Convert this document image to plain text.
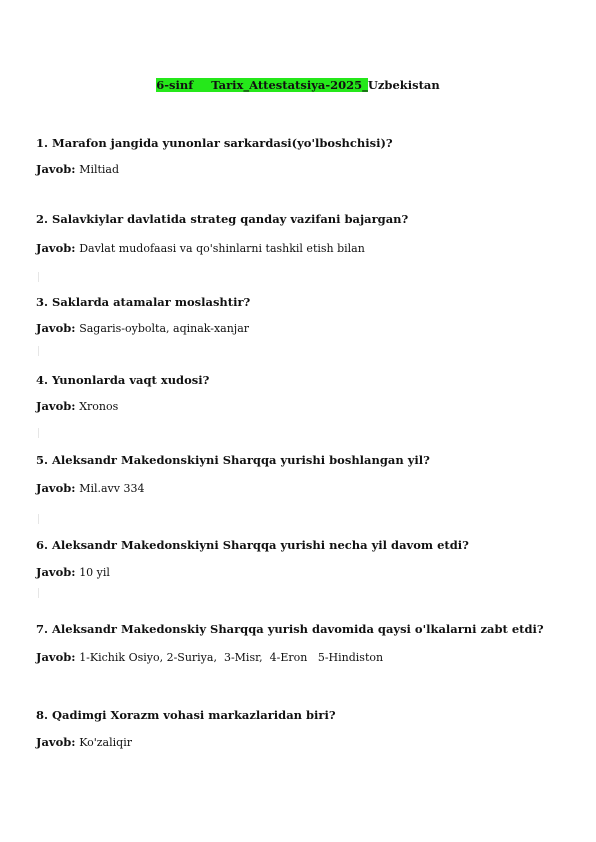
6-sinf Tarix_Attestatsiya-2025_Uzbekistan
1. Marafon jangida yunonlar sarkardasi(yo'lboshchisi)?
Javob: Miltiad
2. Salavkiylar davlatida strateg qanday vazifani bajargan?
Javob: Davlat mudofaasi va qo'shinlarni tashkil etish bilan
3. Saklarda atamalar moslashtir?
Javob: Sagaris-oybolta, aqinak-xanjar
4. Yunonlarda vaqt xudosi?
Javob: Xronos
5. Aleksandr Makedonskiyni Sharqqa yurishi boshlangan yil?
Javob: Mil.avv 334
6. Aleksandr Makedonskiyni Sharqqa yurishi necha yil davom etdi?
Javob: 10 yil
7. Aleksandr Makedonskiy Sharqqa yurish davomida qaysi o'lkalarni zabt etdi?
Javob: 1-Kichik Osiyo, 2-Suriya,  3-Misr,  4-Eron   5-Hindiston
8. Qadimgi Xorazm vohasi markazlaridan biri?
Javob: Ko'zaliqir
